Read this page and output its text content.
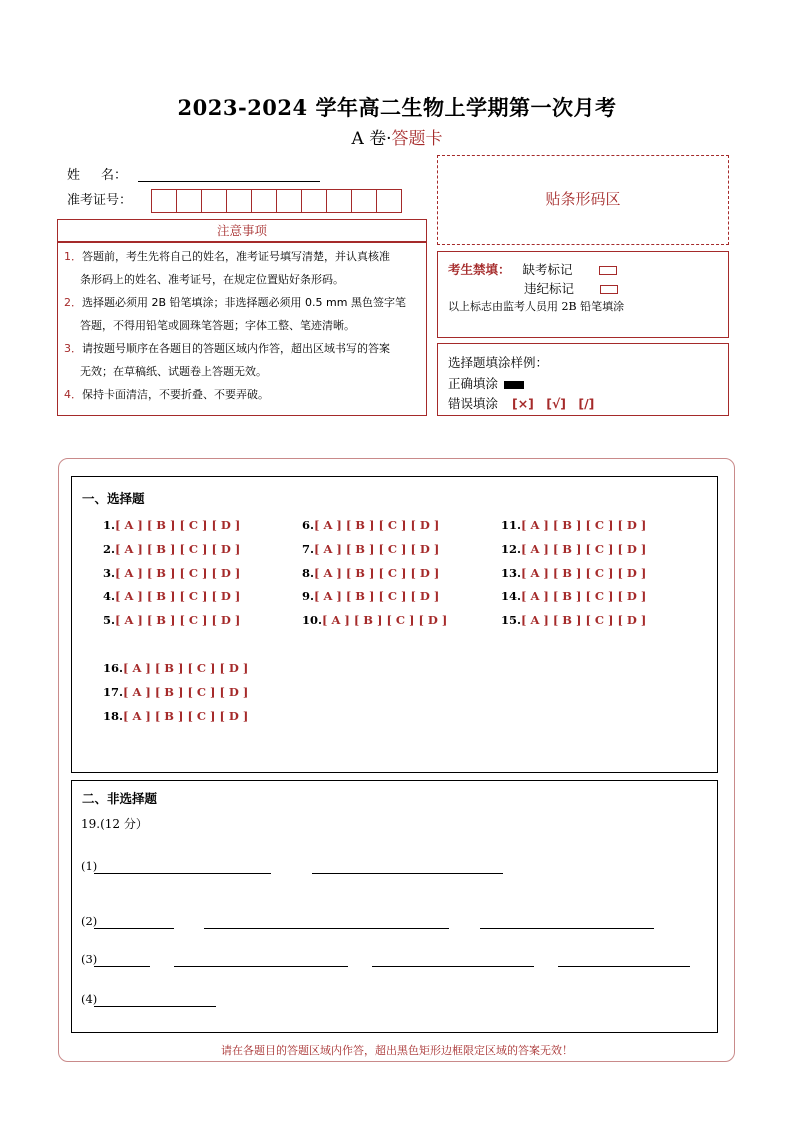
2023-2024 学年高二生物上学期第一次月考
A 卷·答题卡
姓名：
准考证号：	贴条形码区
注意事项
1．答题前，考生先将自己的姓名，准考证号填写清楚，并认真核准
条形码上的姓名、准考证号，在规定位置贴好条形码。
2．选择题必须用 2B 铅笔填涂；非选择题必须用 0.5 mm 黑色签字笔
答题，不得用铅笔或圆珠笔答题；字体工整、笔迹清晰。
3．请按题号顺序在各题目的答题区域内作答，超出区域书写的答案
无效；在草稿纸、试题卷上答题无效。
4．保持卡面清洁，不要折叠、不要弄破。
考生禁填： 缺考标记
违纪标记
以上标志由监考人员用 2B 铅笔填涂
选择题填涂样例：
正确填涂
错误填涂 [×] [√] [/]
一、选择题
1.[ A ] [ B ] [ C ] [ D ]
2.[ A ] [ B ] [ C ] [ D ]
3.[ A ] [ B ] [ C ] [ D ]
4.[ A ] [ B ] [ C ] [ D ]
5.[ A ] [ B ] [ C ] [ D ]
6.[ A ] [ B ] [ C ] [ D ]
7.[ A ] [ B ] [ C ] [ D ]
8.[ A ] [ B ] [ C ] [ D ]
9.[ A ] [ B ] [ C ] [ D ]
10.[ A ] [ B ] [ C ] [ D ]
11.[ A ] [ B ] [ C ] [ D ]
12.[ A ] [ B ] [ C ] [ D ]
13.[ A ] [ B ] [ C ] [ D ]
14.[ A ] [ B ] [ C ] [ D ]
15.[ A ] [ B ] [ C ] [ D ]
16.[ A ] [ B ] [ C ] [ D ]
17.[ A ] [ B ] [ C ] [ D ]
18.[ A ] [ B ] [ C ] [ D ]
二、非选择题
19.(12 分）
(1)
(2)
(3)
(4)
请在各题目的答题区域内作答，超出黑色矩形边框限定区域的答案无效！
